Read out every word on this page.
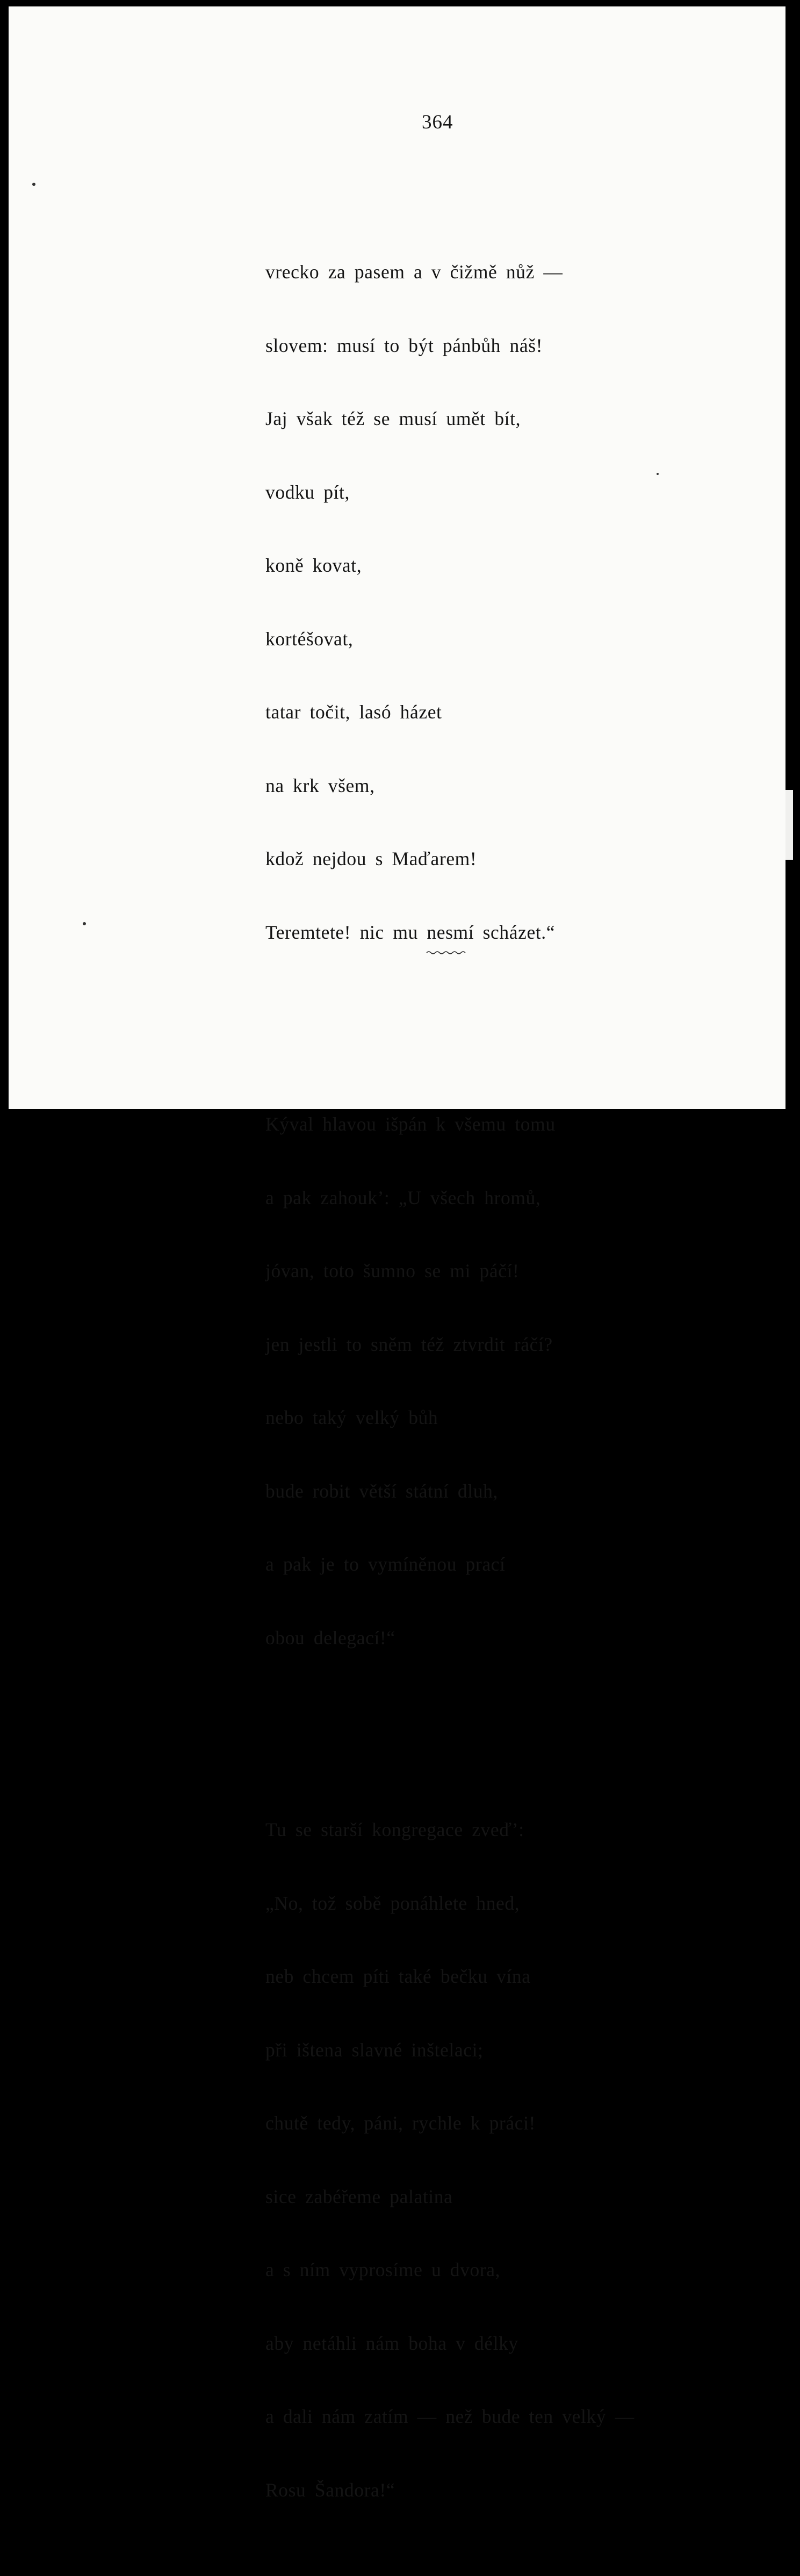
364

vrecko za pasem a v čižmě nůž —

slovem: musí to být pánbůh náš!

Jaj však též se musí umět bít,

vodku pít,

koně kovat,

kortéšovat,

tatar točit, lasó házet

na krk všem,

kdož nejdou s Maďarem!

Teremtete! nic mu nesmí scházet.“

Kýval hlavou išpán k všemu tomu

a pak zahouk’: „U všech hromů,

jóvan, toto šumno se mi páčí!

jen jestli to sněm též ztvrdit ráčí?

nebo taký velký bůh

bude robit větší státní dluh,

a pak je to vymíněnou prací

obou delegací!“

Tu se starší kongregace zveď’:

„No, tož sobě ponáhlete hned,

neb chcem píti také bečku vína

při ištena slavné inštelaci;

chutě tedy, páni, rychle k práci!

sice zabéřeme palatina

a s ním vyprosíme u dvora,

aby netáhli nám boha v délky

a dali nám zatím — než bude ten velký —

Rosu Šandora!“
